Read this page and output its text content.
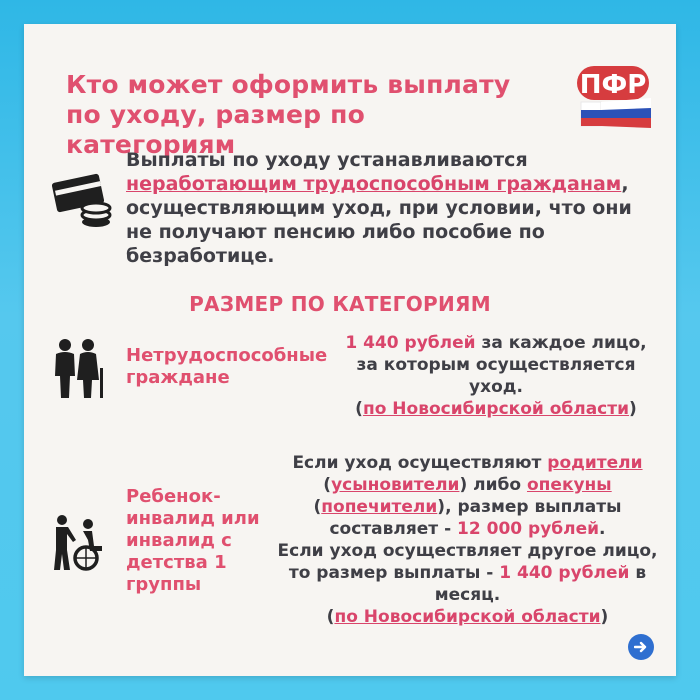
Кто может оформить выплату по уходу, размер по категориям
ПФР
Выплаты по уходу устанавливаются неработающим трудоспособным гражданам, осуществляющим уход, при условии, что они не получают пенсию либо пособие по безработице.
РАЗМЕР ПО КАТЕГОРИЯМ
Нетрудоспособные граждане
1 440 рублей за каждое лицо, за которым осуществляется уход.
(по Новосибирской области)
Ребенок-инвалид или инвалид с детства 1 группы
Если уход осуществляют родители
(усыновители) либо опекуны
(попечители), размер выплаты составляет - 12 000 рублей.
Если уход осуществляет другое лицо, то размер выплаты - 1 440 рублей в месяц.
(по Новосибирской области)
